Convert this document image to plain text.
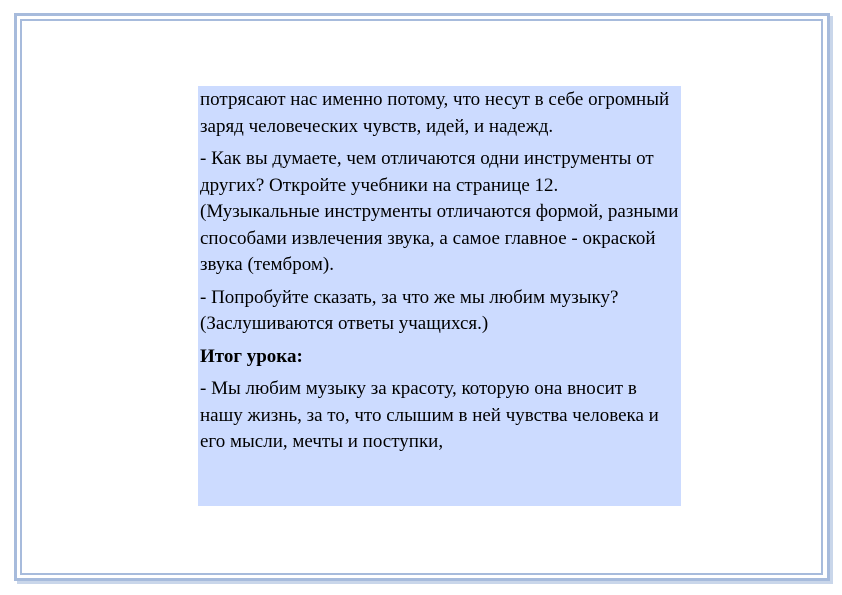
потрясают нас именно потому, что несут в себе огромный заряд человеческих чувств, идей, и надежд.

- Как вы думаете, чем отличаются одни инструменты от других? Откройте учебники на странице 12. (Музыкальные инструменты отличаются формой, разными способами извлечения звука, а самое главное - окраской звука (тембром).

- Попробуйте сказать, за что же мы любим музыку? (Заслушиваются ответы учащихся.)

Итог урока:

- Мы любим музыку за красоту, которую она вносит в нашу жизнь, за то, что слышим в ней чувства человека и его мысли, мечты и поступки,
